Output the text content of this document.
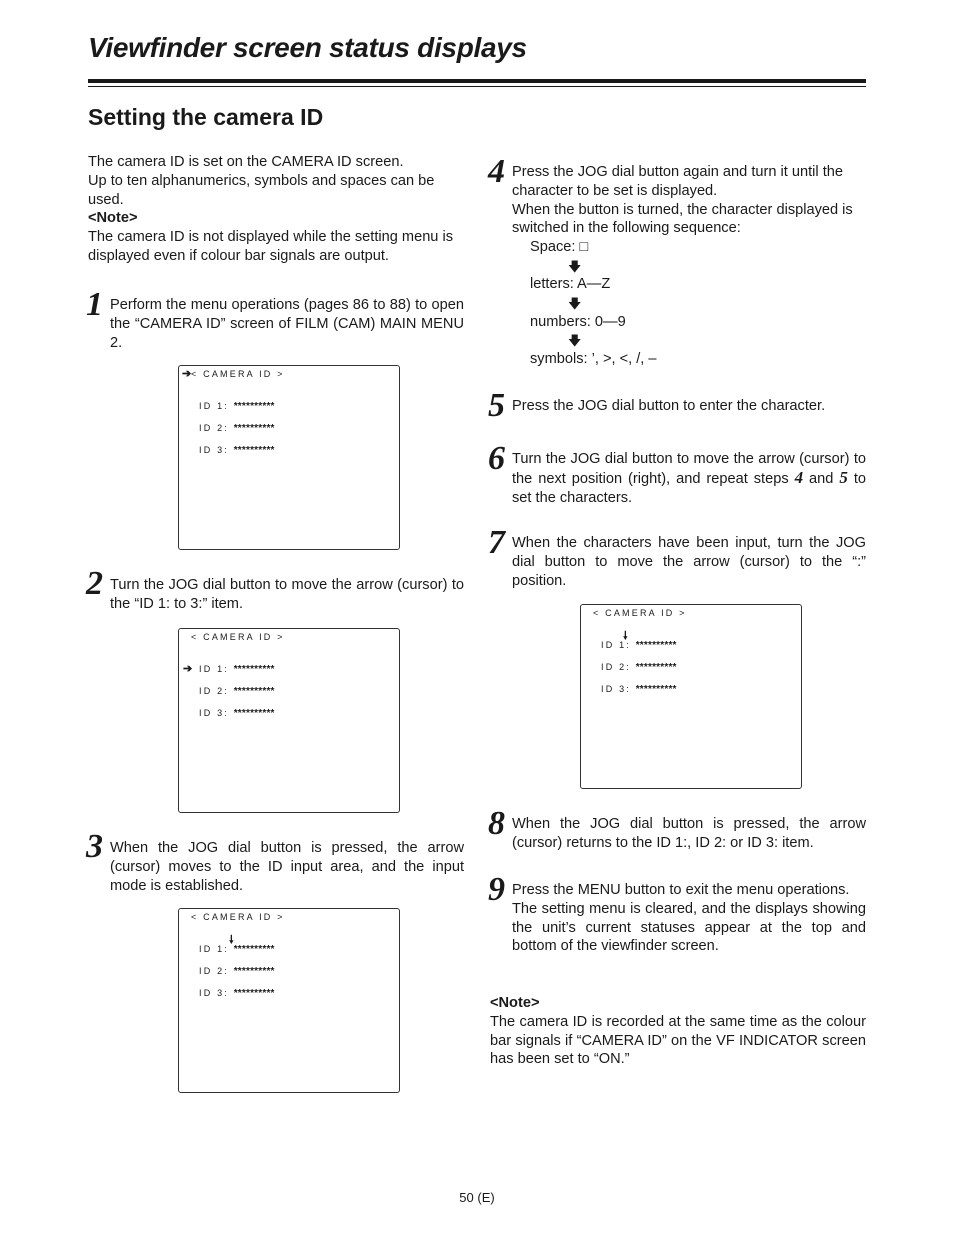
Viewfinder screen status displays
Setting the camera ID
The camera ID is set on the CAMERA ID screen.
Up to ten alphanumerics, symbols and spaces can be used.
<Note>
The camera ID is not displayed while the setting menu is displayed even if colour bar signals are output.
1 Perform the menu operations (pages 86 to 88) to open the “CAMERA ID” screen of FILM (CAM) MAIN MENU 2.
➔ < CAMERA ID >
ID 1: **********
ID 2: **********
ID 3: **********
2 Turn the JOG dial button to move the arrow (cursor) to the “ID 1: to 3:” item.
< CAMERA ID >
➔ ID 1: **********
ID 2: **********
ID 3: **********
3 When the JOG dial button is pressed, the arrow (cursor) moves to the ID input area, and the input mode is established.
< CAMERA ID >
🠗
ID 1: **********
ID 2: **********
ID 3: **********
4 Press the JOG dial button again and turn it until the character to be set is displayed.
When the button is turned, the character displayed is switched in the following sequence:
Space: □
🡇
letters: A—Z
🡇
numbers: 0—9
🡇
symbols: ’, >, <, /, –
5 Press the JOG dial button to enter the character.
6 Turn the JOG dial button to move the arrow (cursor) to the next position (right), and repeat steps 4 and 5 to set the characters.
7 When the characters have been input, turn the JOG dial button to move the arrow (cursor) to the “:” position.
< CAMERA ID >
🠗
ID 1: **********
ID 2: **********
ID 3: **********
8 When the JOG dial button is pressed, the arrow (cursor) returns to the ID 1:, ID 2: or ID 3: item.
9 Press the MENU button to exit the menu operations.
The setting menu is cleared, and the displays showing the unit’s current statuses appear at the top and bottom of the viewfinder screen.
<Note>
The camera ID is recorded at the same time as the colour bar signals if “CAMERA ID” on the VF INDICATOR screen has been set to “ON.”
50 (E)
